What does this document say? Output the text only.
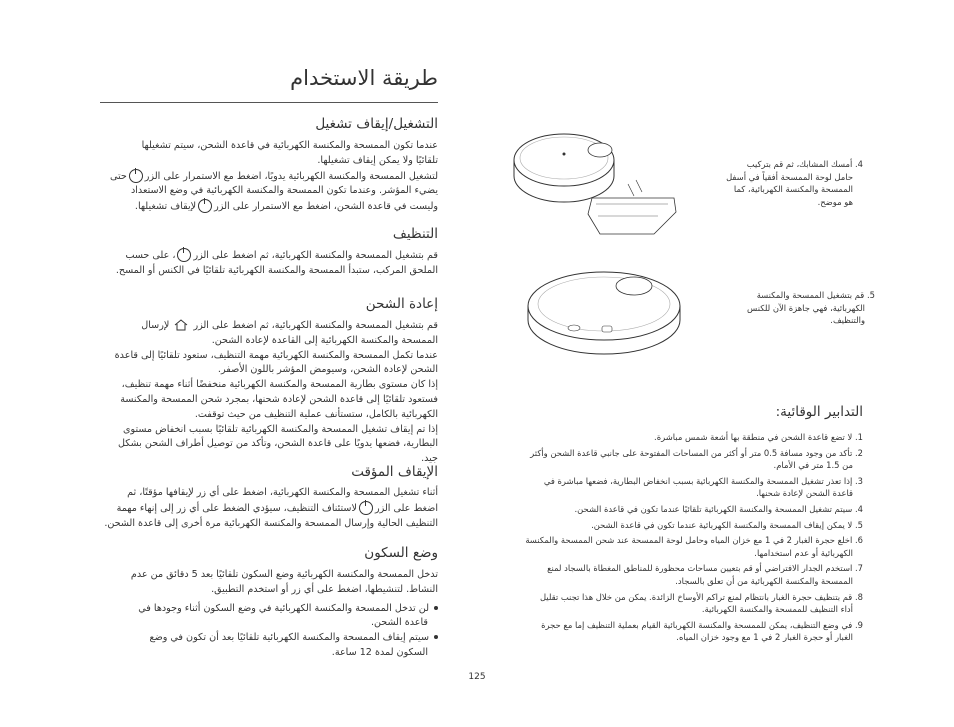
طريقة الاستخدام
التشغيل/إيقاف تشغيل
عندما تكون الممسحة والمكنسة الكهربائية في قاعدة الشحن، سيتم تشغيلها
تلقائيًا ولا يمكن إيقاف تشغيلها.
لتشغيل الممسحة والمكنسة الكهربائية يدويًا، اضغط مع الاستمرار على الزرحتى
يضيء المؤشر. وعندما تكون الممسحة والمكنسة الكهربائية في وضع الاستعداد
وليست في قاعدة الشحن، اضغط مع الاستمرار على الزرلإيقاف تشغيلها.
التنظيف
قم بتشغيل الممسحة والمكنسة الكهربائية، ثم اضغط على الزر، على حسب
الملحق المركب، ستبدأ الممسحة والمكنسة الكهربائية تلقائيًا في الكنس أو المسح.
إعادة الشحن
قم بتشغيل الممسحة والمكنسة الكهربائية، ثم اضغط على الزر  لإرسال
الممسحة والمكنسة الكهربائية إلى القاعدة لإعادة الشحن.
عندما تكمل الممسحة والمكنسة الكهربائية مهمة التنظيف، ستعود تلقائيًا إلى قاعدة
الشحن لإعادة الشحن، وسيومض المؤشر باللون الأصفر.
إذا كان مستوى بطارية الممسحة والمكنسة الكهربائية منخفضًا أثناء مهمة تنظيف،
فستعود تلقائيًا إلى قاعدة الشحن لإعادة شحنها، بمجرد شحن الممسحة والمكنسة
الكهربائية بالكامل، ستستأنف عملية التنظيف من حيث توقفت.
إذا تم إيقاف تشغيل الممسحة والمكنسة الكهربائية تلقائيًا بسبب انخفاض مستوى
البطارية، فضعها يدويًا على قاعدة الشحن، وتأكد من توصيل أطراف الشحن بشكل جيد.
الإيقاف المؤقت
أثناء تشغيل الممسحة والمكنسة الكهربائية، اضغط على أي زر لإيقافها مؤقتًا، ثم
اضغط على الزرلاستئناف التنظيف، سيؤدي الضغط على أي زر إلى إنهاء مهمة
التنظيف الحالية وإرسال الممسحة والمكنسة الكهربائية مرة أخرى إلى قاعدة الشحن.
وضع السكون
تدخل الممسحة والمكنسة الكهربائية وضع السكون تلقائيًا بعد 5 دقائق من عدم
النشاط. لتنشيطها، اضغط على أي زر أو استخدم التطبيق.
لن تدخل الممسحة والمكنسة الكهربائية في وضع السكون أثناء وجودها في
قاعدة الشحن.
سيتم إيقاف الممسحة والمكنسة الكهربائية تلقائيًا بعد أن تكون في وضع
السكون لمدة 12 ساعة.
4. أمسك المشابك، ثم قم بتركيب
حامل لوحة الممسحة أفقياً في أسفل
الممسحة والمكنسة الكهربائية، كما
هو موضح.
5. قم بتشغيل الممسحة والمكنسة
الكهربائية، فهي جاهزة الآن للكنس
والتنظيف.
التدابير الوقائية:
1. لا تضع قاعدة الشحن في منطقة بها أشعة شمس مباشرة.
2. تأكد من وجود مسافة 0.5 متر أو أكثر من المساحات المفتوحة على جانبي قاعدة الشحن وأكثر
من 1.5 متر في الأمام.
3. إذا تعذر تشغيل الممسحة والمكنسة الكهربائية بسبب انخفاض البطارية، فضعها مباشرة في
قاعدة الشحن لإعادة شحنها.
4. سيتم تشغيل الممسحة والمكنسة الكهربائية تلقائيًا عندما تكون في قاعدة الشحن.
5. لا يمكن إيقاف الممسحة والمكنسة الكهربائية عندما تكون في قاعدة الشحن.
6. اخلع حجرة الغبار 2 في 1 مع خزان المياه وحامل لوحة الممسحة عند شحن الممسحة والمكنسة
الكهربائية أو عدم استخدامها.
7. استخدم الجدار الافتراضي أو قم بتعيين مساحات محظورة للمناطق المغطاة بالسجاد لمنع
الممسحة والمكنسة الكهربائية من أن تعلق بالسجاد.
8. قم بتنظيف حجرة الغبار بانتظام لمنع تراكم الأوساخ الزائدة. يمكن من خلال هذا تجنب تقليل
أداء التنظيف للممسحة والمكنسة الكهربائية.
9. في وضع التنظيف، يمكن للممسحة والمكنسة الكهربائية القيام بعملية التنظيف إما مع حجرة
الغبار أو حجرة الغبار 2 في 1 مع وجود خزان المياه.
125
